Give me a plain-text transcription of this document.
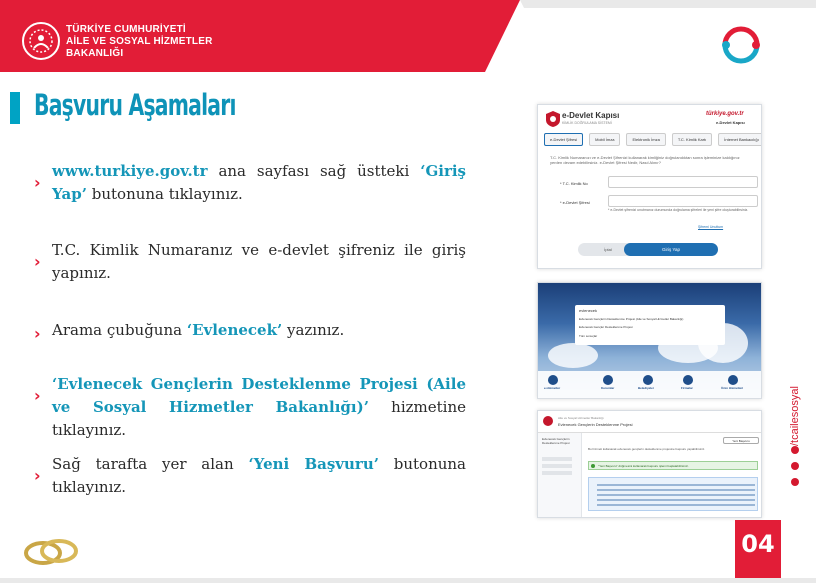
TÜRKİYE CUMHURİYETİ
AİLE VE SOSYAL HİZMETLER
BAKANLIĞI
Başvuru Aşamaları
›
www.turkiye.gov.tr ana sayfası sağ üstteki ‘Giriş Yap’ butonuna tıklayınız.
›
T.C. Kimlik Numaranız ve e-devlet şifreniz ile giriş yapınız.
› Arama çubuğuna ‘Evlenecek’ yazınız.
›
‘Evlenecek Gençlerin Desteklenme Projesi (Aile ve Sosyal Hizmetler Bakanlığı)’ hizmetine tıklayınız.
›
Sağ tarafta yer alan ‘Yeni Başvuru’ butonuna tıklayınız.
e-Devlet Kapısı
KİMLİK DOĞRULAMA SİSTEMİ
türkiye.gov.tr
e-Devlet Kapısı
e-Devlet Şifresi	Mobil İmza	Elektronik İmza	T.C. Kimlik Kartı	İnternet Bankacılığı
T.C. Kimlik Numaranızı ve e-Devlet Şifrenizi kullanarak kimliğiniz doğrulandıktan sonra işleminize kaldığınız yerden devam edebilirsiniz. e-Devlet Şifresi Nedir, Nasıl Alınır?
* T.C. Kimlik No
* e-Devlet Şifresi
* e-Devlet şifrenizi unutmanız durumunda doğrulama şifreleri ile yeni şifre oluşturabilirsiniz.
Şifremi Unuttum
İptal	Giriş Yap
evlenecek
Evlenecek Gençlerin Desteklenme Projesi (Aile ve Sosyal Hizmetler Bakanlığı)
Evlenecek Gençler Desteklenme Projesi
Tüm sonuçlar
e-Hizmetler	Kurumlar	Belediyeler	Firmalar	Ürün Hizmetleri
Aile ve Sosyal Hizmetler Bakanlığı
Evlenecek Gençlerin Desteklenme Projesi
Evlenecek Gençlerin Desteklenme Projesi
Yeni Başvuru
Bu hizmeti kullanarak evlenecek gençlerin desteklenme projesine başvuru yapabilirsiniz.
"Yeni Başvuru" düğmesini kullanarak başvuru işlemi başlatabilirsiniz.
/tcailesosyal
04
